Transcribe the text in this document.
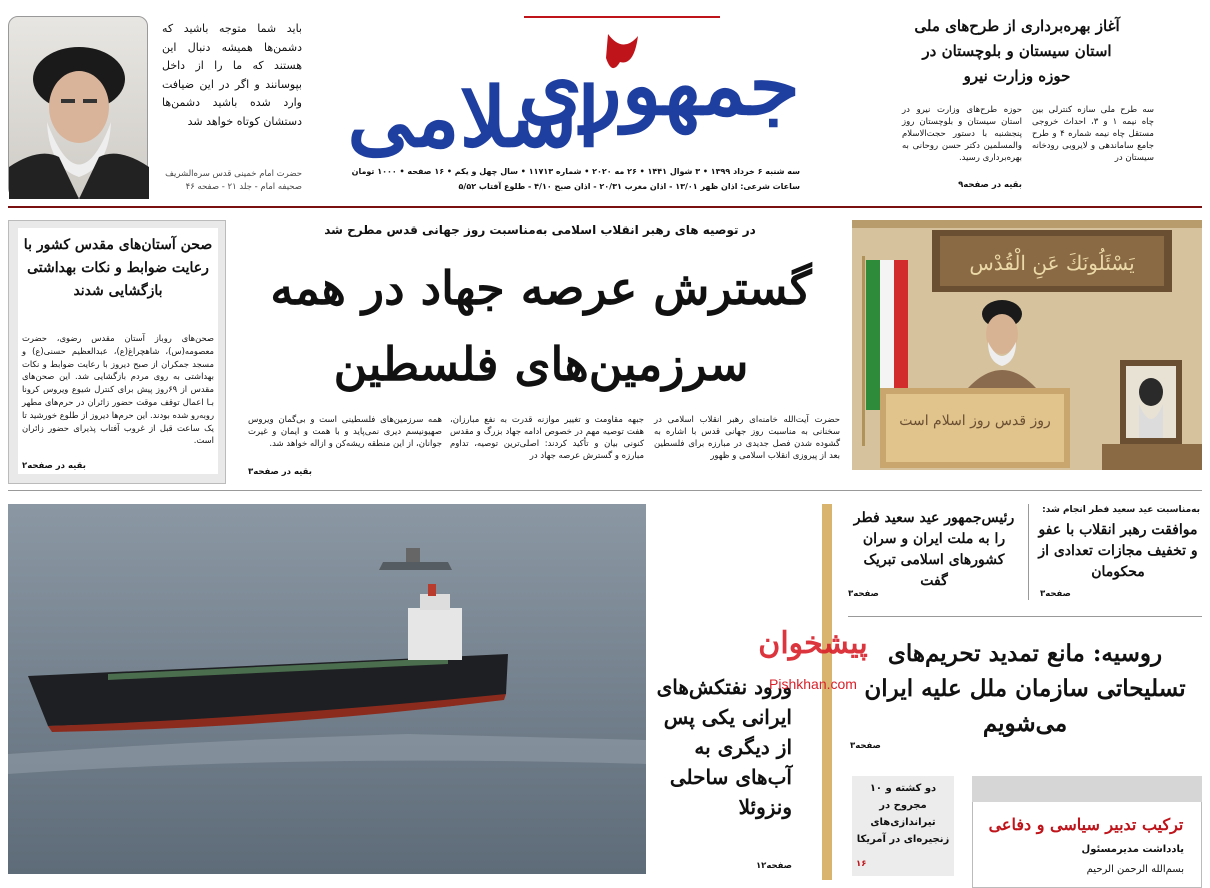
باید شما متوجه باشید که دشمن‌ها همیشه دنبال این هستند که ما را از داخل بپوسانند و اگر در این ضیافت وارد شده باشید دشمن‌ها دستشان کوتاه خواهد شد
حضرت امام خمینی قدس سره‌الشریف
صحیفه امام - جلد ۲۱ - صفحه ۴۶
جمهوری
اسلامی
سه شنبه ۶ خرداد ۱۳۹۹ • ۳ شوال ۱۴۴۱ • ۲۶ مه ۲۰۲۰ • شماره ۱۱۷۱۳ • سال چهل و یکم • ۱۶ صفحه • ۱۰۰۰ تومان
ساعات شرعی: اذان ظهر ۱۳/۰۱ - اذان مغرب ۲۰/۳۱ - اذان صبح ۴/۱۰ - طلوع آفتاب ۵/۵۲
آغاز بهره‌برداری از طرح‌های ملی استان سیستان و بلوچستان در حوزه وزارت نیرو
سه طرح ملی سازه کنترلی بین چاه نیمه ۱ و ۳، احداث خروجی مستقل چاه نیمه شماره ۴ و طرح جامع ساماندهی و لایروبی رودخانه سیستان در
حوزه طرح‌های وزارت نیرو در استان سیستان و بلوچستان روز پنجشنبه با دستور حجت‌الاسلام والمسلمین دکتر حسن روحانی به بهره‌برداری رسید.
بقیه در صفحه۹
صحن آستان‌های مقدس کشور با رعایت ضوابط و نکات بهداشتی بازگشایی شدند
صحن‌های روباز آستان مقدس رضوی، حضرت معصومه(س)، شاهچراغ(ع)، عبدالعظیم حسنی(ع) و مسجد جمکران از صبح دیروز با رعایت ضوابط و نکات بهداشتی به روی مردم بازگشایی شد. این صحن‌های مقدس از ۶۹روز پیش برای کنترل شیوع ویروس کرونا بـا اعمال توقف موقت حضور زائران در حرم‌های مطهر روبه‌رو شده بودند. این حرم‌ها دیروز از طلوع خورشید تا یک ساعت قبل از غروب آفتاب پذیرای حضور زائران است.
بقیه در صفحه۲
در توصیه های رهبر انقلاب اسلامی به‌مناسبت روز جهانی قدس مطرح شد
گسترش عرصه جهاد در همه
سرزمین‌های فلسطین
حضرت آیت‌الله خامنه‌ای رهبر انقلاب اسلامی در سخنانی به مناسبت روز جهانی قدس با اشاره به گشوده شدن فصل جدیدی در مبارزه برای فلسطین بعد از پیروزی انقلاب اسلامی و ظهور
جبهه مقاومت و تغییر موازنه قدرت به نفع مبارزان، هفت توصیه مهم در خصوص ادامه جهاد بزرگ و مقدس کنونی بیان و تأکید کردند: اصلی‌ترین توصیه، تداوم مبارزه و گسترش عرصه جهاد در
همه سرزمین‌های فلسطینی است و بی‌گمان ویروس صهیونیسم دیری نمی‌پاید و با همت و ایمان و غیرت جوانان، از این منطقه ریشه‌کن و ازاله خواهد شد.
بقیه در صفحه۳
يَسْئَلُونَكَ عَنِ الْقُدْس
روز قدس روز اسلام است
ورود نفتکش‌های ایرانی یکی پس از دیگری به آب‌های ساحلی ونزوئلا
صفحه۱۲
به‌مناسبت عید سعید فطر انجام شد:
موافقت رهبر انقلاب با عفو و تخفیف مجازات تعدادی از محکومان
صفحه۳
رئیس‌جمهور عید سعید فطر را به ملت ایران و سران کشورهای اسلامی تبریک گفت
صفحه۳
روسیه: مانع تمدید تحریم‌های تسلیحاتی سازمان ملل علیه ایران می‌شویم
صفحه۳
پیشخوان
Pishkhan.com
دو کشته و ۱۰ مجروح در تیراندازی‌های زنجیره‌ای در آمریکا
۱۶
ترکیب تدبیر سیاسی و دفاعی
یادداشت مدیرمسئول
بسم‌الله الرحمن الرحیم
